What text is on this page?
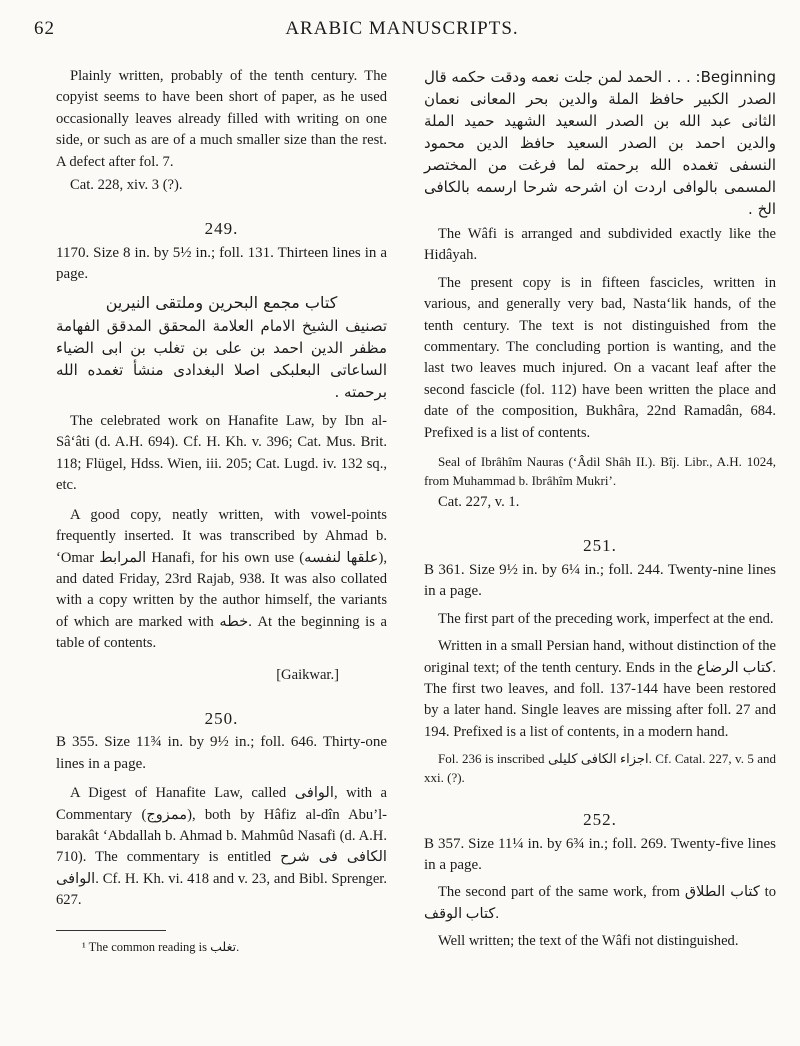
62	ARABIC MANUSCRIPTS.

Plainly written, probably of the tenth century. The copyist seems to have been short of paper, as he used occasionally leaves already filled with writing on one side, or such as are of a much smaller size than the rest. A defect after fol. 7.

Cat. 228, xiv. 3 (?).

249.

1170. Size 8 in. by 5½ in.; foll. 131. Thirteen lines in a page.

كتاب مجمع البحرين وملتقى النيرين

تصنيف الشيخ الامام العلامة المحقق المدقق الفهامة مظفر الدين احمد بن على بن تغلب بن ابى الضياء الساعاتى البعلبكى اصلا البغدادى منشأ تغمده الله برحمته .

The celebrated work on Hanafite Law, by Ibn al-Sâ‘âti (d. A.H. 694). Cf. H. Kh. v. 396; Cat. Mus. Brit. 118; Flügel, Hdss. Wien, iii. 205; Cat. Lugd. iv. 132 sq., etc.

A good copy, neatly written, with vowel-points frequently inserted. It was transcribed by Ahmad b. ‘Omar المرابط Hanafi, for his own use (علقها لنفسه), and dated Friday, 23rd Rajab, 938. It was also collated with a copy written by the author himself, the variants of which are marked with خطه. At the beginning is a table of contents.

[Gaikwar.]

250.

B 355. Size 11¾ in. by 9½ in.; foll. 646. Thirty-one lines in a page.

A Digest of Hanafite Law, called الوافى, with a Commentary (ممزوج), both by Hâfiz al-dîn Abu’l-barakât ‘Abdallah b. Ahmad b. Mahmûd Nasafi (d. A.H. 710). The commentary is entitled الكافى فى شرح الوافى. Cf. H. Kh. vi. 418 and v. 23, and Bibl. Sprenger. 627.

¹ The common reading is تغلب.

Beginning: . . . الحمد لمن جلت نعمه ودقت حكمه قال الصدر الكبير حافظ الملة والدين بحر المعانى نعمان الثانى عبد الله بن الصدر السعيد الشهيد حميد الملة والدين احمد بن الصدر السعيد حافظ الدين محمود النسفى تغمده الله برحمته لما فرغت من المختصر المسمى بالوافى اردت ان اشرحه شرحا ارسمه بالكافى الخ .

The Wâfi is arranged and subdivided exactly like the Hidâyah.

The present copy is in fifteen fascicles, written in various, and generally very bad, Nasta‘lik hands, of the tenth century. The text is not distinguished from the commentary. The concluding portion is wanting, and the last two leaves much injured. On a vacant leaf after the second fascicle (fol. 112) have been written the place and date of the composition, Bukhâra, 22nd Ramadân, 684. Prefixed is a list of contents.

Seal of Ibrâhîm Nauras (‘Âdil Shâh II.). Bîj. Libr., A.H. 1024, from Muhammad b. Ibrâhîm Mukri’.

Cat. 227, v. 1.

251.

B 361. Size 9½ in. by 6¼ in.; foll. 244. Twenty-nine lines in a page.

The first part of the preceding work, imperfect at the end.

Written in a small Persian hand, without distinction of the original text; of the tenth century. Ends in the كتاب الرضاع. The first two leaves, and foll. 137-144 have been restored by a later hand. Single leaves are missing after foll. 27 and 194. Prefixed is a list of contents, in a modern hand.

Fol. 236 is inscribed اجزاء الكافى كليلى. Cf. Catal. 227, v. 5 and xxi. (?).

252.

B 357. Size 11¼ in. by 6¾ in.; foll. 269. Twenty-five lines in a page.

The second part of the same work, from كتاب الطلاق to كتاب الوقف.

Well written; the text of the Wâfi not distinguished.
